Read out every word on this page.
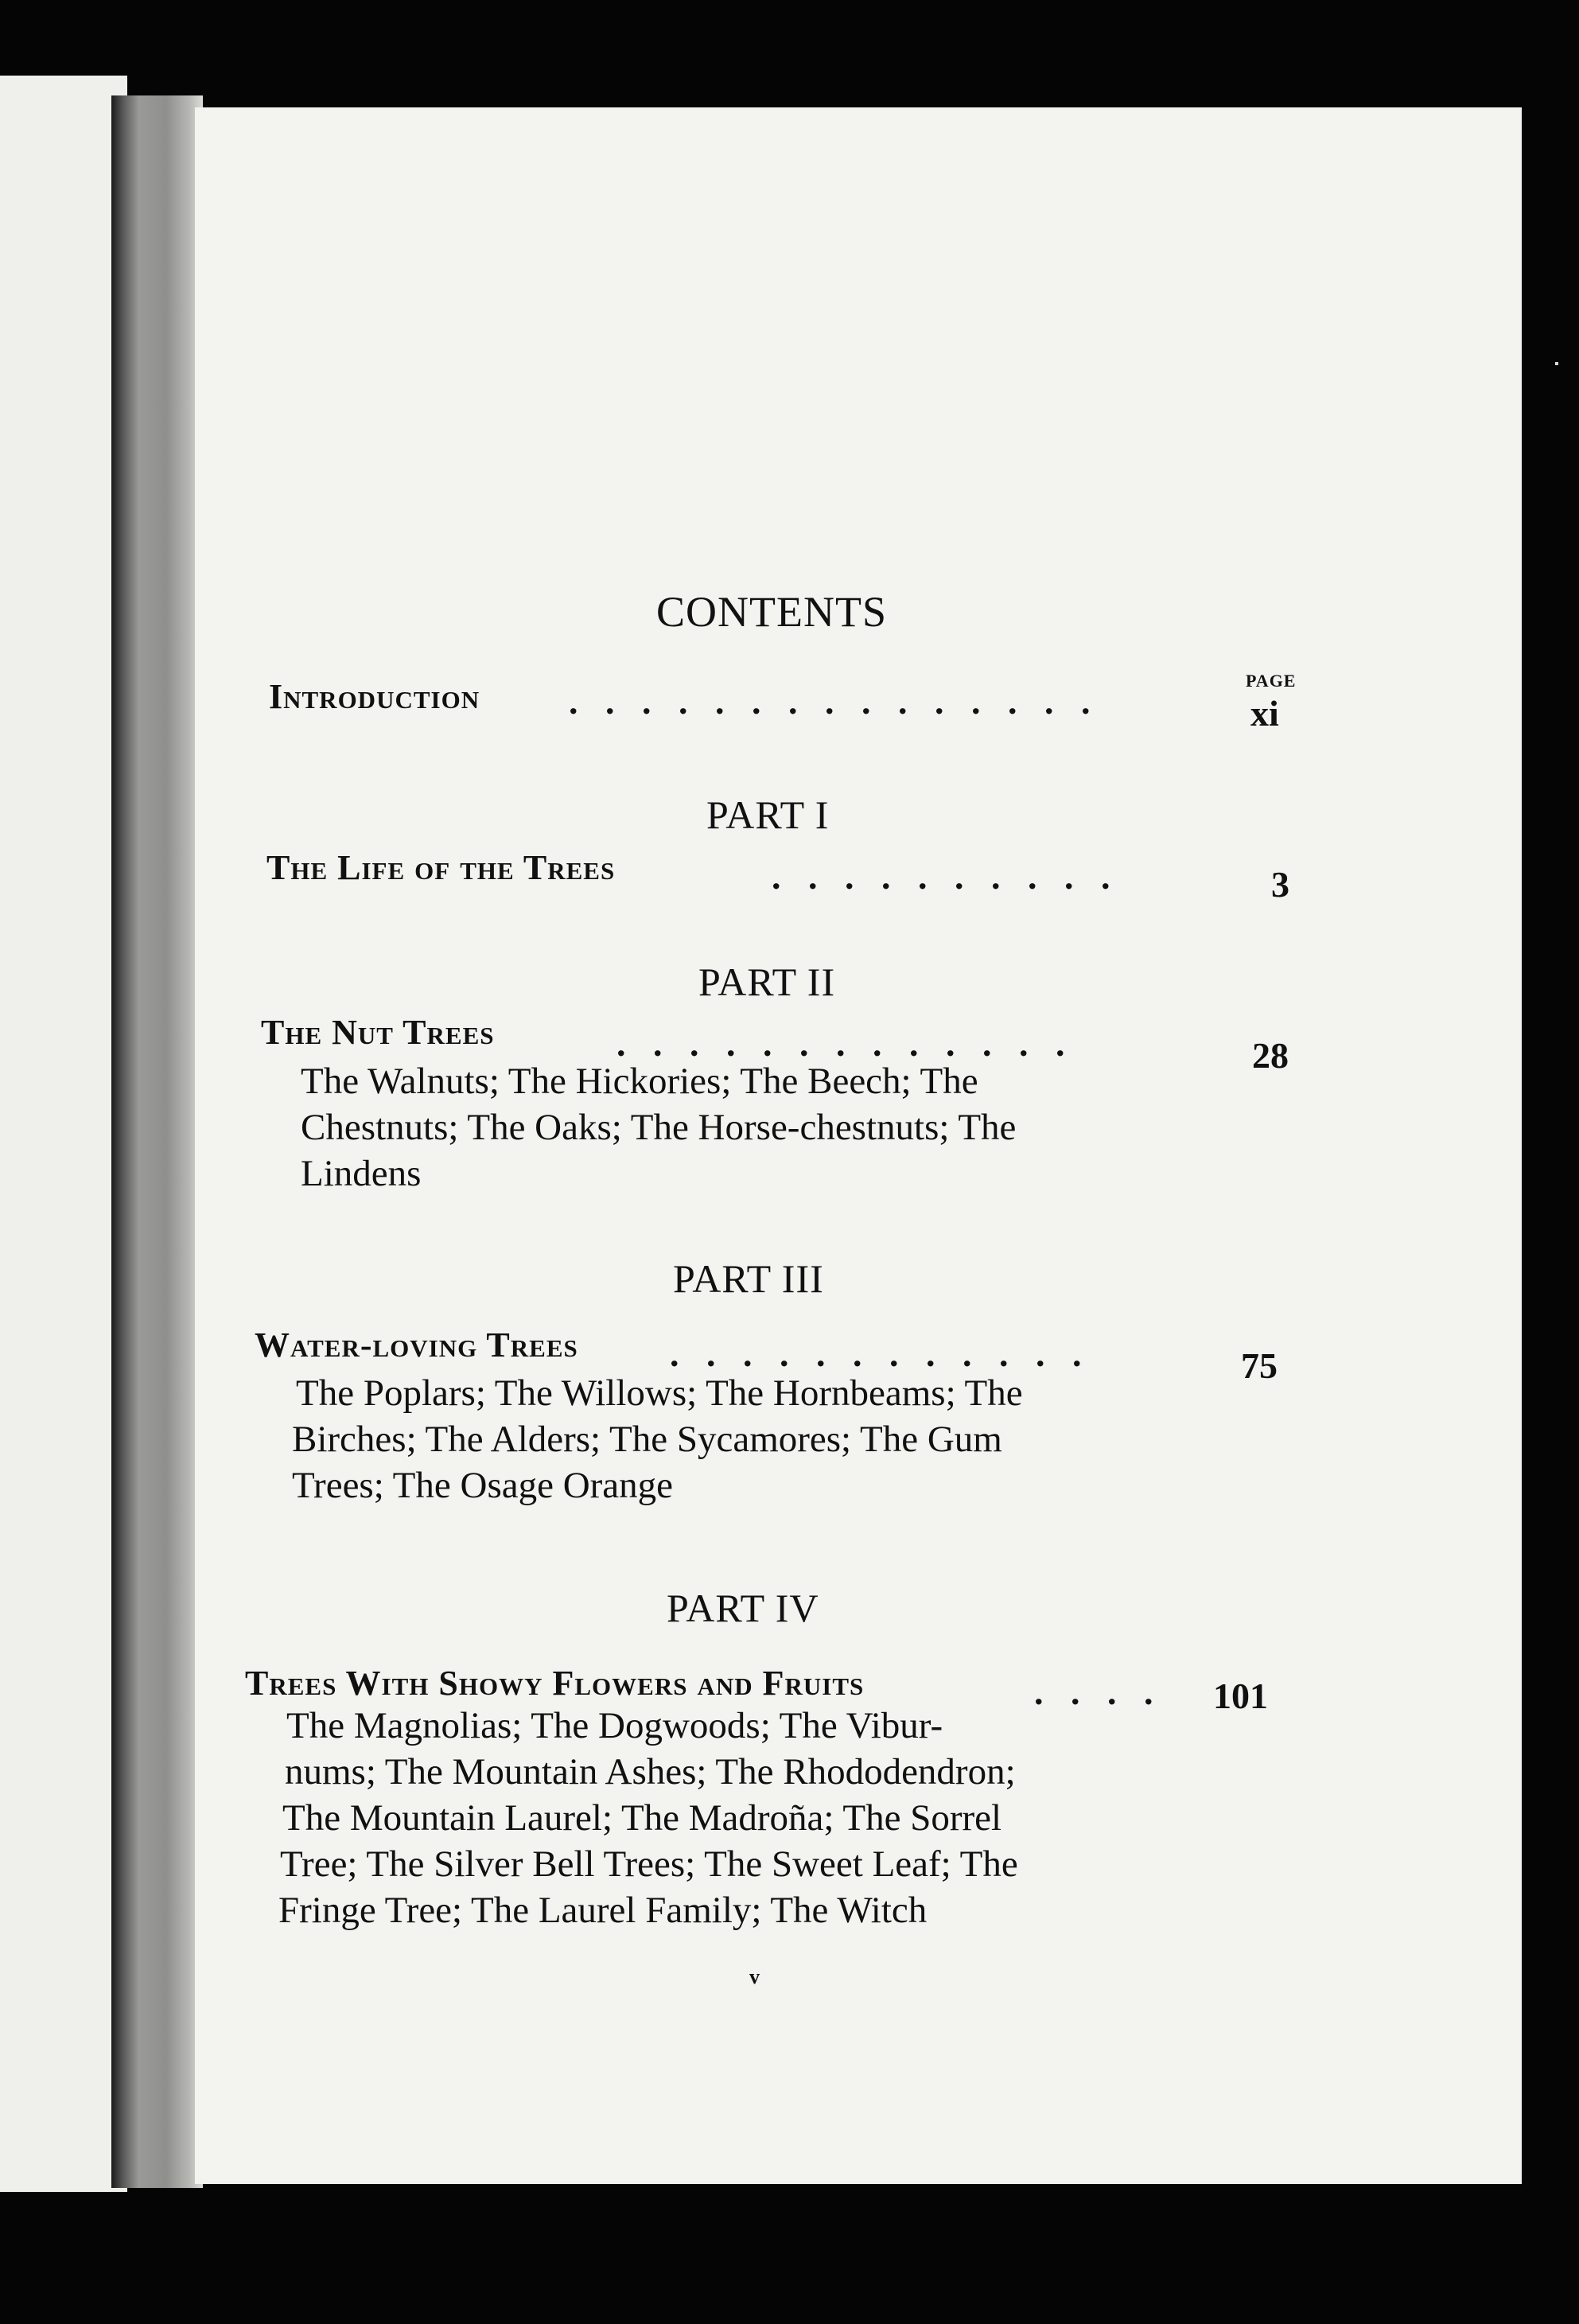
CONTENTS
PAGE
Introduction .   .   .   .   .   .   .   .   .   .   .   .   .   .   .	xi
PART I
The Life of the Trees	.   .   .   .   .   .   .   .   .   .	3
PART II
The Nut Trees	.   .   .   .   .   .   .   .   .   .   .   .   .	28
The Walnuts; The Hickories; The Beech; The
Chestnuts; The Oaks; The Horse-chestnuts; The
Lindens
PART III
Water-loving Trees	.   .   .   .   .   .   .   .   .   .   .   .	75
The Poplars; The Willows; The Hornbeams; The
Birches; The Alders; The Sycamores; The Gum
Trees; The Osage Orange
PART IV
Trees With Showy Flowers and Fruits	.   .   .   .	101
The Magnolias; The Dogwoods; The Vibur-
nums; The Mountain Ashes; The Rhododendron;
The Mountain Laurel; The Madroña; The Sorrel
Tree; The Silver Bell Trees; The Sweet Leaf; The
Fringe Tree; The Laurel Family; The Witch
v
